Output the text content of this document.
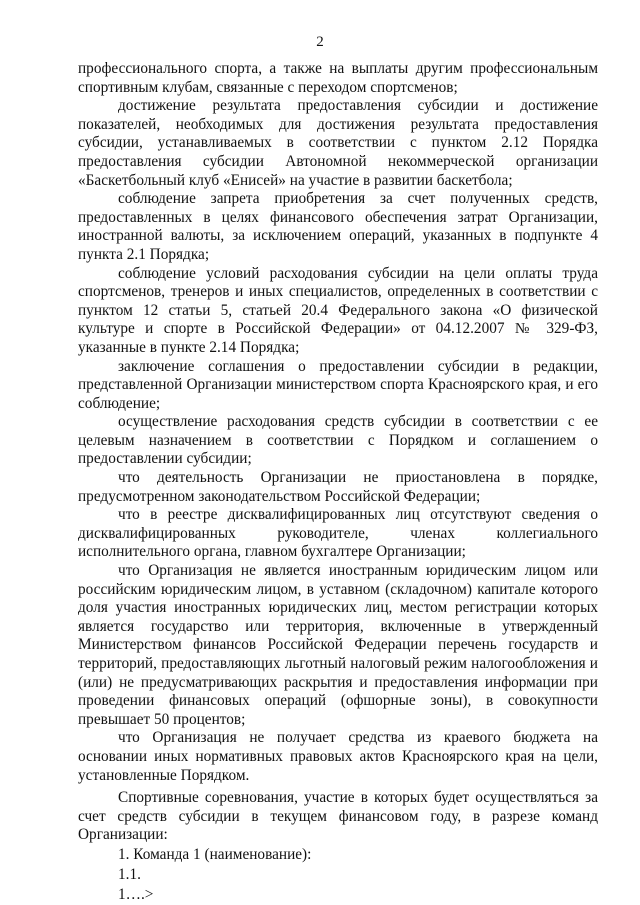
2

профессионального спорта, а также на выплаты другим профессиональным спортивным клубам, связанные с переходом спортсменов;

достижение результата предоставления субсидии и достижение показателей, необходимых для достижения результата предоставления субсидии, устанавливаемых в соответствии с пунктом 2.12 Порядка предоставления субсидии Автономной некоммерческой организации «Баскетбольный клуб «Енисей» на участие в развитии баскетбола;

соблюдение запрета приобретения за счет полученных средств, предоставленных в целях финансового обеспечения затрат Организации, иностранной валюты, за исключением операций, указанных в подпункте 4 пункта 2.1 Порядка;

соблюдение условий расходования субсидии на цели оплаты труда спортсменов, тренеров и иных специалистов, определенных в соответствии с пунктом 12 статьи 5, статьей 20.4 Федерального закона «О физической культуре и спорте в Российской Федерации» от 04.12.2007 № 329-ФЗ, указанные в пункте 2.14 Порядка;

заключение соглашения о предоставлении субсидии в редакции, представленной Организации министерством спорта Красноярского края, и его соблюдение;

осуществление расходования средств субсидии в соответствии с ее целевым назначением в соответствии с Порядком и соглашением о предоставлении субсидии;

что деятельность Организации не приостановлена в порядке, предусмотренном законодательством Российской Федерации;

что в реестре дисквалифицированных лиц отсутствуют сведения о дисквалифицированных руководителе, членах коллегиального исполнительного органа, главном бухгалтере Организации;

что Организация не является иностранным юридическим лицом или российским юридическим лицом, в уставном (складочном) капитале которого доля участия иностранных юридических лиц, местом регистрации которых является государство или территория, включенные в утвержденный Министерством финансов Российской Федерации перечень государств и территорий, предоставляющих льготный налоговый режим налогообложения и (или) не предусматривающих раскрытия и предоставления информации при проведении финансовых операций (офшорные зоны), в совокупности превышает 50 процентов;

что Организация не получает средства из краевого бюджета на основании иных нормативных правовых актов Красноярского края на цели, установленные Порядком.

Спортивные соревнования, участие в которых будет осуществляться за счет средств субсидии в текущем финансовом году, в разрезе команд Организации:

1. Команда 1 (наименование):
1.1.
1….>
